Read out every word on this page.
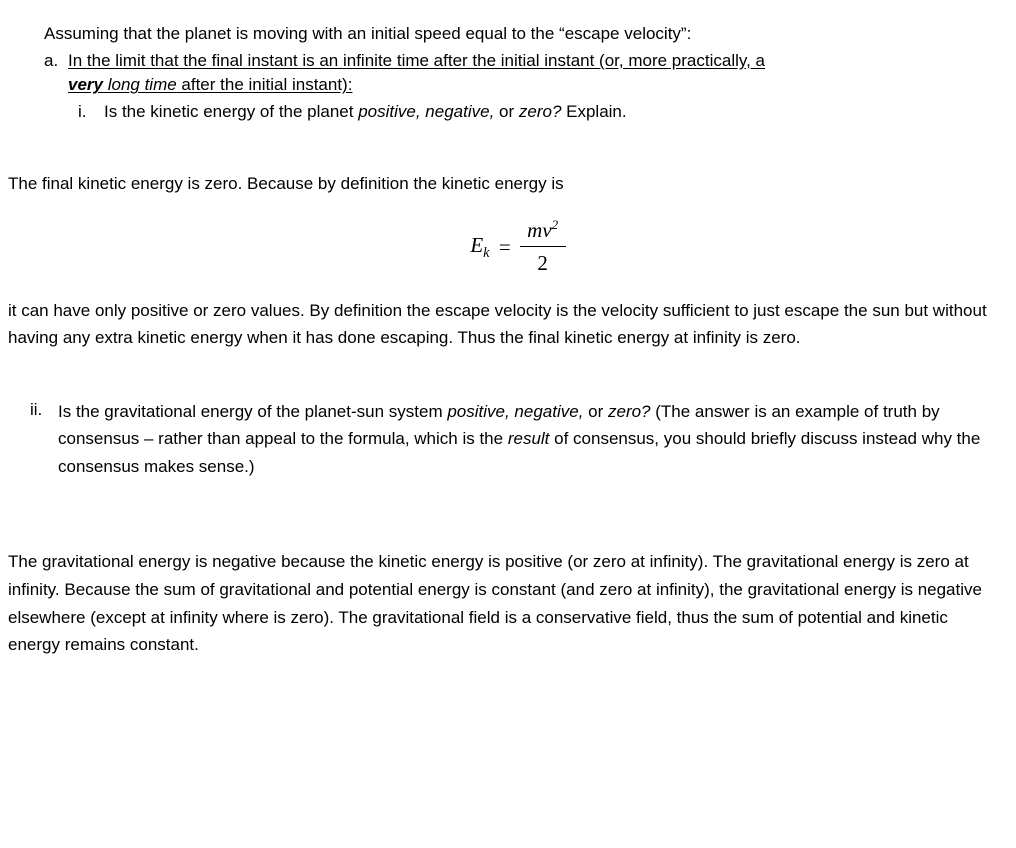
Assuming that the planet is moving with an initial speed equal to the “escape velocity”:
a. In the limit that the final instant is an infinite time after the initial instant (or, more practically, a
very long time after the initial instant):
i.	Is the kinetic energy of the planet positive, negative, or zero? Explain.
The final kinetic energy is zero. Because by definition the kinetic energy is
$E_k = \frac{mv^2}{2}$
it can have only positive or zero values. By definition the escape velocity is the velocity sufficient to just escape the sun but without having any extra kinetic energy when it has done escaping. Thus the final kinetic energy at infinity is zero.
ii. Is the gravitational energy of the planet-sun system positive, negative, or zero? (The answer is an example of truth by consensus – rather than appeal to the formula, which is the result of consensus, you should briefly discuss instead why the consensus makes sense.)
The gravitational energy is negative because the kinetic energy is positive (or zero at infinity). The gravitational energy is zero at infinity. Because the sum of gravitational and potential energy is constant (and zero at infinity), the gravitational energy is negative elsewhere (except at infinity where is zero). The gravitational field is a conservative field, thus the sum of potential and kinetic energy remains constant.
